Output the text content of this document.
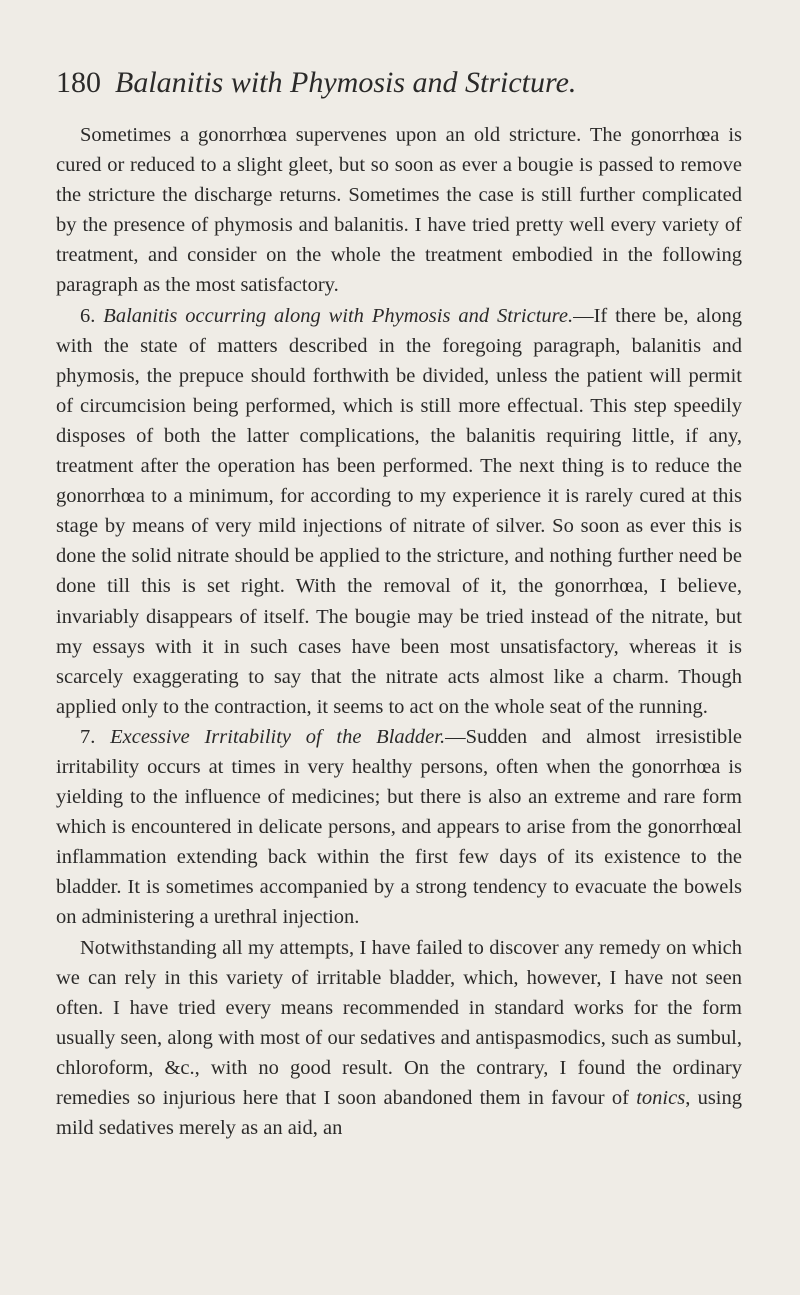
180 Balanitis with Phymosis and Stricture.

Sometimes a gonorrhœa supervenes upon an old stricture. The gonorrhœa is cured or reduced to a slight gleet, but so soon as ever a bougie is passed to remove the stricture the discharge returns. Sometimes the case is still further complicated by the presence of phymosis and balanitis. I have tried pretty well every variety of treatment, and consider on the whole the treatment embodied in the following paragraph as the most satisfactory.

6. Balanitis occurring along with Phymosis and Stricture.—If there be, along with the state of matters described in the foregoing paragraph, balanitis and phymosis, the prepuce should forthwith be divided, unless the patient will permit of circumcision being performed, which is still more effectual. This step speedily disposes of both the latter complications, the balanitis requiring little, if any, treatment after the operation has been performed. The next thing is to reduce the gonorrhœa to a minimum, for according to my experience it is rarely cured at this stage by means of very mild injections of nitrate of silver. So soon as ever this is done the solid nitrate should be applied to the stricture, and nothing further need be done till this is set right. With the removal of it, the gonorrhœa, I believe, invariably disappears of itself. The bougie may be tried instead of the nitrate, but my essays with it in such cases have been most unsatisfactory, whereas it is scarcely exaggerating to say that the nitrate acts almost like a charm. Though applied only to the contraction, it seems to act on the whole seat of the running.

7. Excessive Irritability of the Bladder.—Sudden and almost irresistible irritability occurs at times in very healthy persons, often when the gonorrhœa is yielding to the influence of medicines; but there is also an extreme and rare form which is encountered in delicate persons, and appears to arise from the gonorrhœal inflammation extending back within the first few days of its existence to the bladder. It is sometimes accompanied by a strong tendency to evacuate the bowels on administering a urethral injection.

Notwithstanding all my attempts, I have failed to discover any remedy on which we can rely in this variety of irritable bladder, which, however, I have not seen often. I have tried every means recommended in standard works for the form usually seen, along with most of our sedatives and antispasmodics, such as sumbul, chloroform, &c., with no good result. On the contrary, I found the ordinary remedies so injurious here that I soon abandoned them in favour of tonics, using mild sedatives merely as an aid, an
